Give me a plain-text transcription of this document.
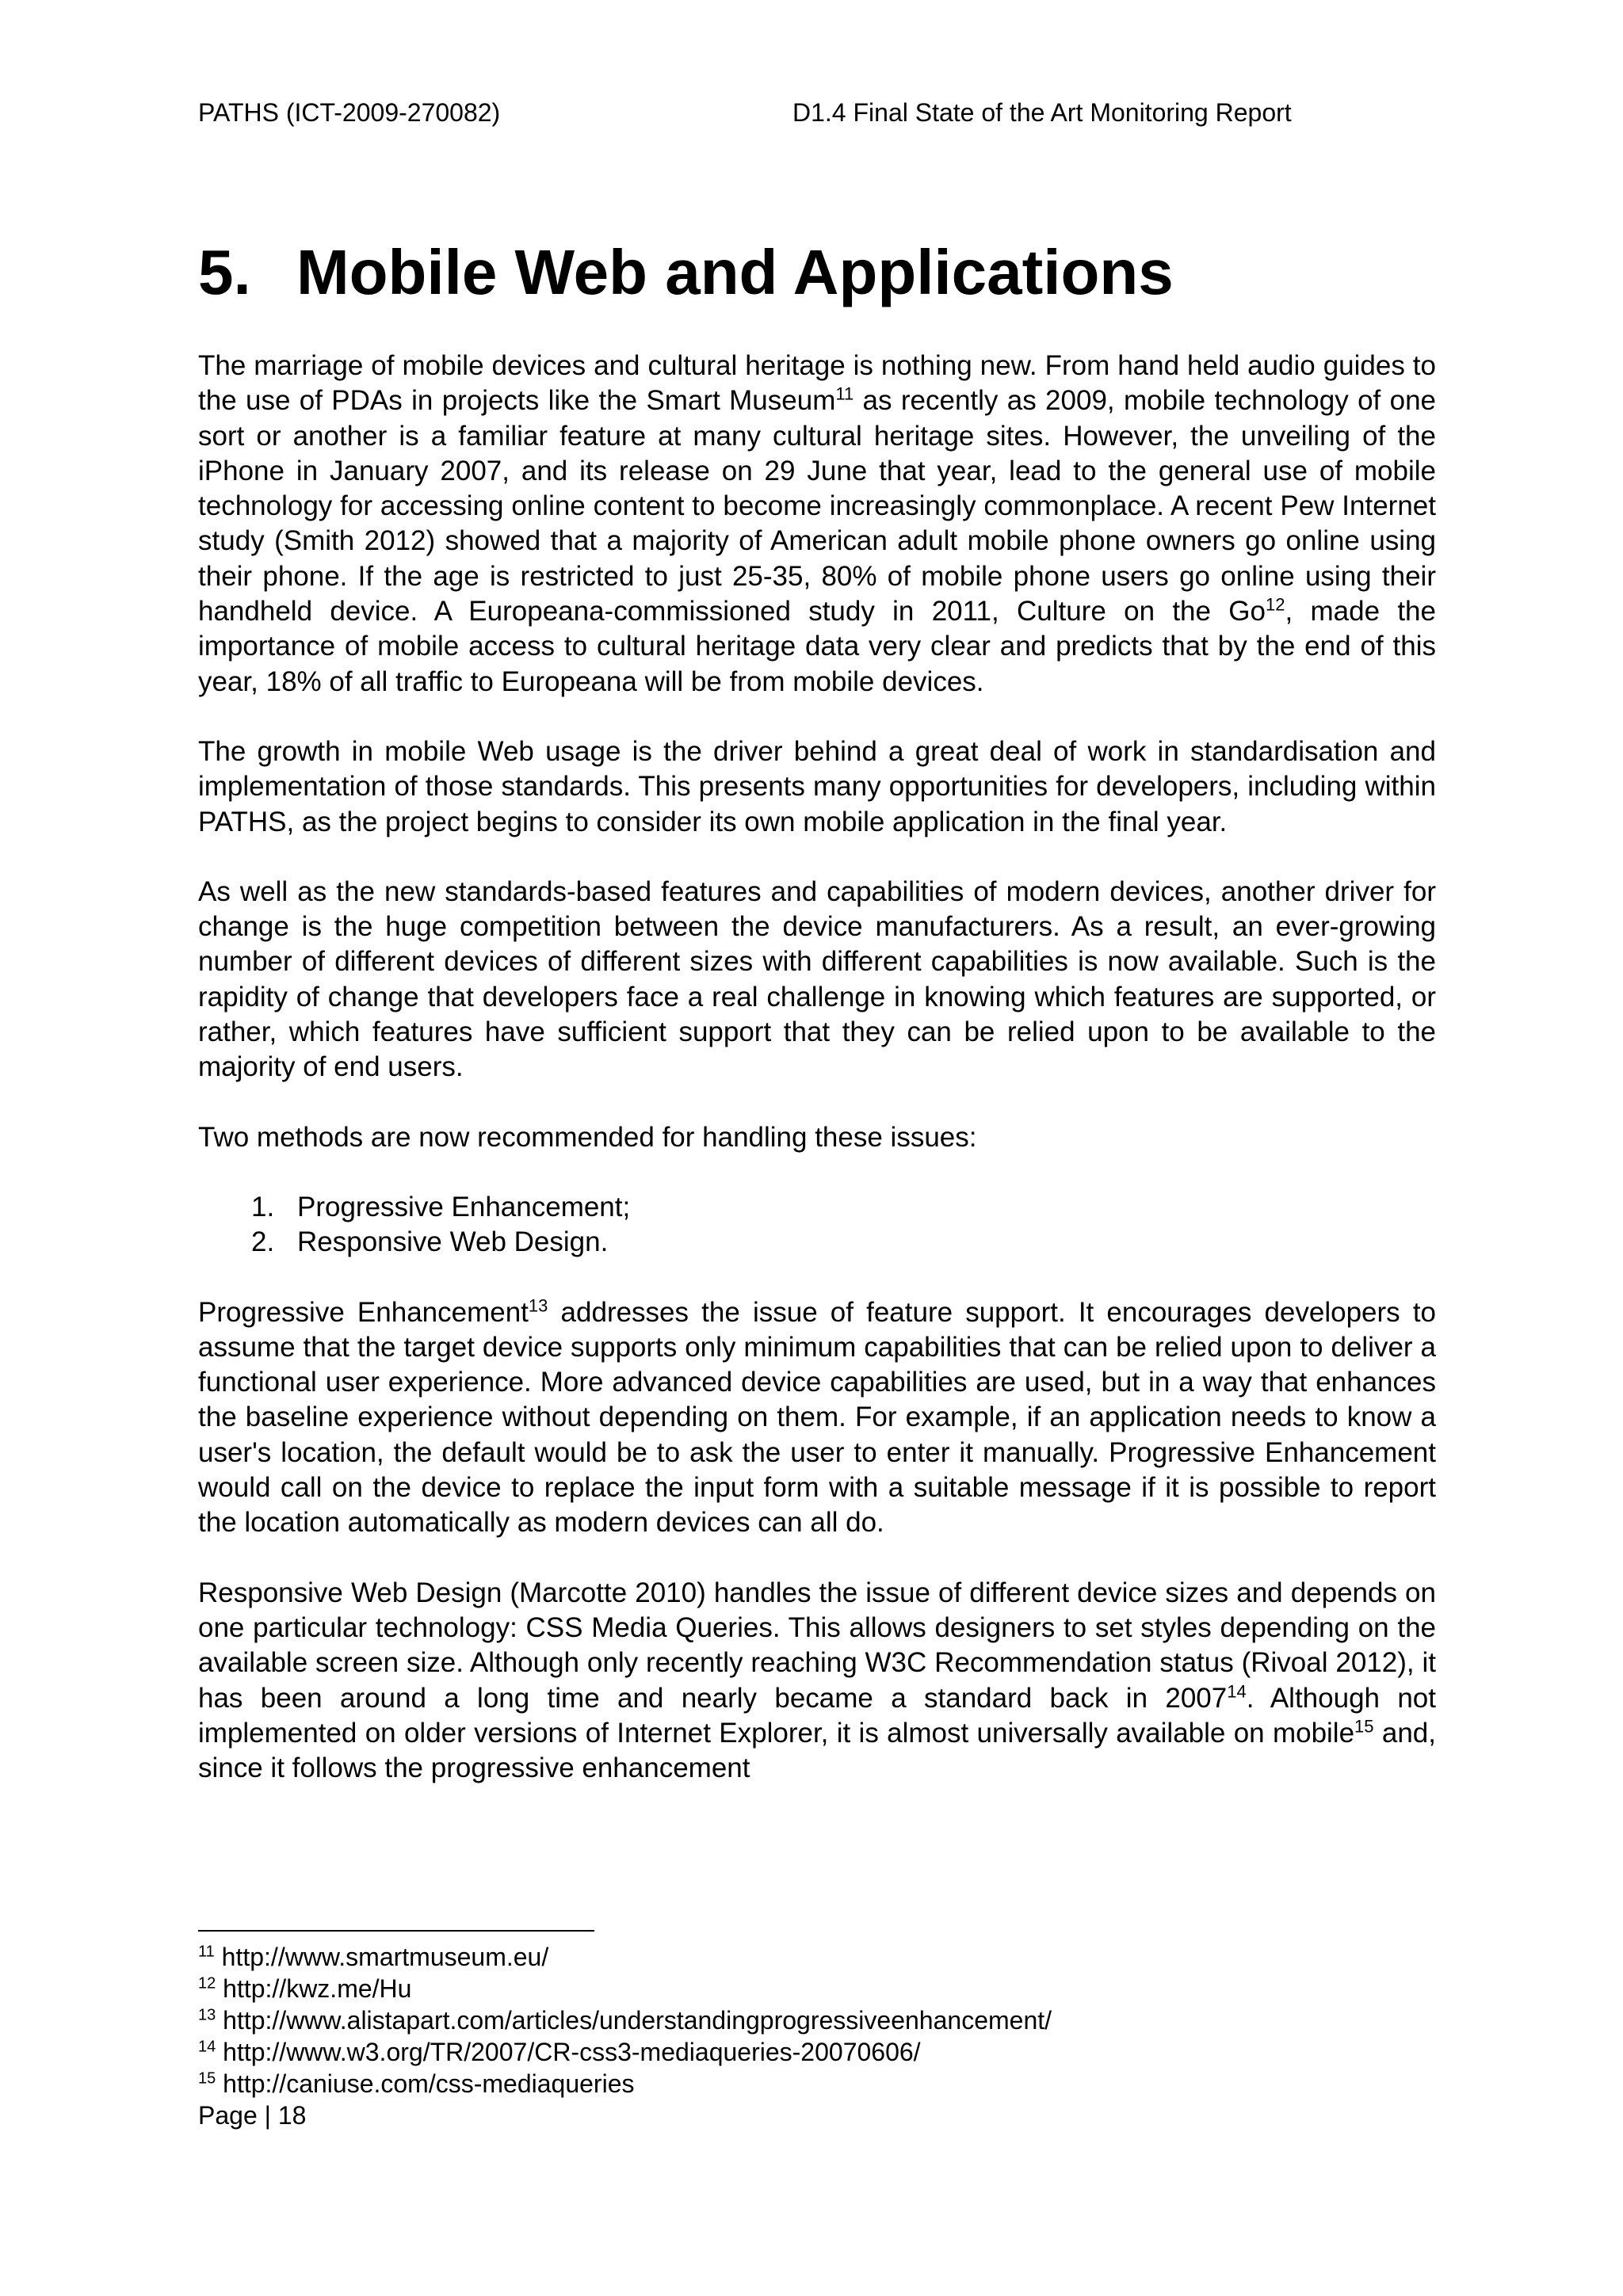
PATHS (ICT-2009-270082)	D1.4 Final State of the Art Monitoring Report
5. Mobile Web and Applications

The marriage of mobile devices and cultural heritage is nothing new. From hand held audio guides to the use of PDAs in projects like the Smart Museum$^{11}$ as recently as 2009, mobile technology of one sort or another is a familiar feature at many cultural heritage sites. However, the unveiling of the iPhone in January 2007, and its release on 29 June that year, lead to the general use of mobile technology for accessing online content to become increasingly commonplace. A recent Pew Internet study (Smith 2012) showed that a majority of American adult mobile phone owners go online using their phone. If the age is restricted to just 25-35, 80% of mobile phone users go online using their handheld device. A Europeana-commissioned study in 2011, Culture on the Go$^{12}$, made the importance of mobile access to cultural heritage data very clear and predicts that by the end of this year, 18% of all traffic to Europeana will be from mobile devices.

The growth in mobile Web usage is the driver behind a great deal of work in standardisation and implementation of those standards. This presents many opportunities for developers, including within PATHS, as the project begins to consider its own mobile application in the final year.

As well as the new standards-based features and capabilities of modern devices, another driver for change is the huge competition between the device manufacturers. As a result, an ever-growing number of different devices of different sizes with different capabilities is now available. Such is the rapidity of change that developers face a real challenge in knowing which features are supported, or rather, which features have sufficient support that they can be relied upon to be available to the majority of end users.

Two methods are now recommended for handling these issues:

1. Progressive Enhancement;
2. Responsive Web Design.

Progressive Enhancement$^{13}$ addresses the issue of feature support. It encourages developers to assume that the target device supports only minimum capabilities that can be relied upon to deliver a functional user experience. More advanced device capabilities are used, but in a way that enhances the baseline experience without depending on them. For example, if an application needs to know a user's location, the default would be to ask the user to enter it manually. Progressive Enhancement would call on the device to replace the input form with a suitable message if it is possible to report the location automatically as modern devices can all do.

Responsive Web Design (Marcotte 2010) handles the issue of different device sizes and depends on one particular technology: CSS Media Queries. This allows designers to set styles depending on the available screen size. Although only recently reaching W3C Recommendation status (Rivoal 2012), it has been around a long time and nearly became a standard back in 2007$^{14}$. Although not implemented on older versions of Internet Explorer, it is almost universally available on mobile$^{15}$ and, since it follows the progressive enhancement

$^{11}$ http://www.smartmuseum.eu/
$^{12}$ http://kwz.me/Hu
$^{13}$ http://www.alistapart.com/articles/understandingprogressiveenhancement/
$^{14}$ http://www.w3.org/TR/2007/CR-css3-mediaqueries-20070606/
$^{15}$ http://caniuse.com/css-mediaqueries
Page | 18
